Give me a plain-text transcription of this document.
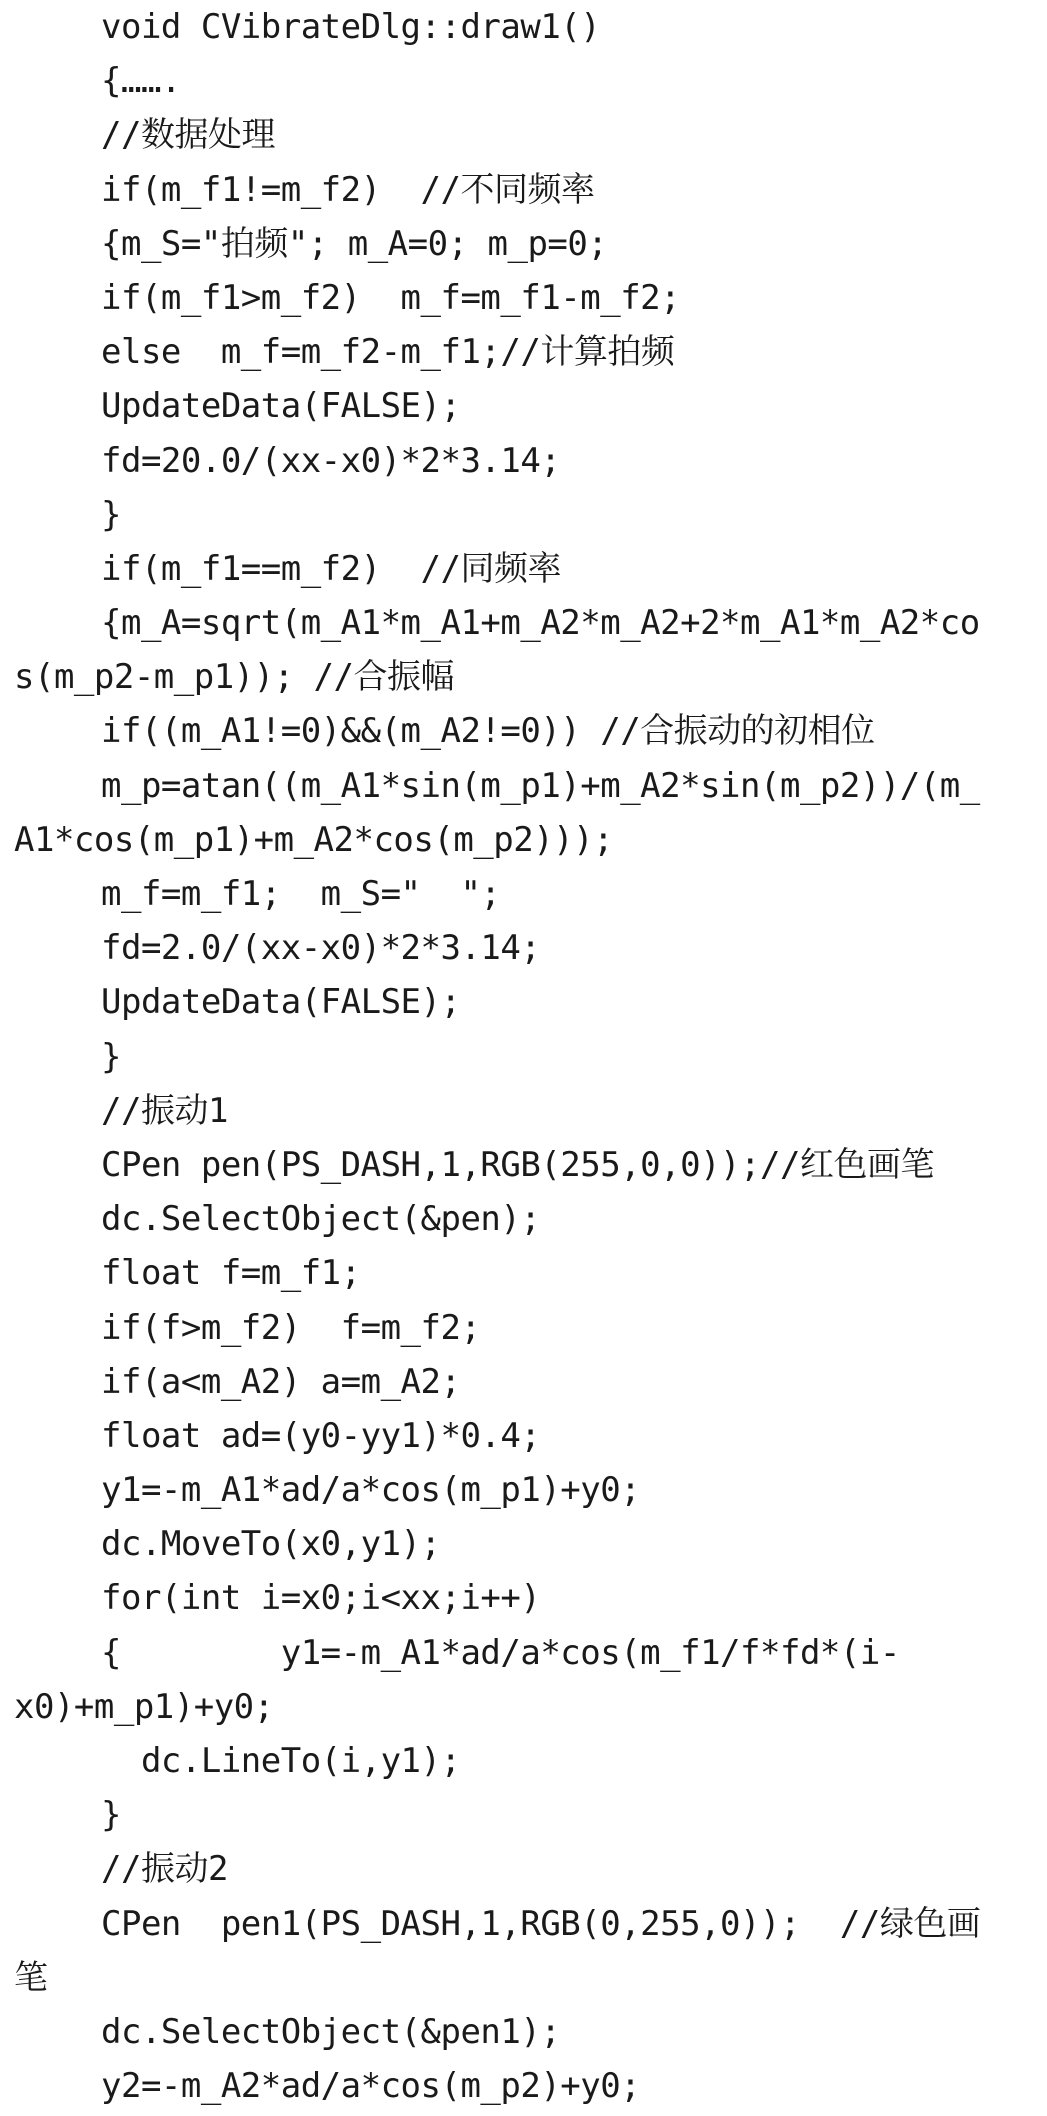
void CVibrateDlg::draw1()
{…….
//数据处理
if(m_f1!=m_f2)  //不同频率
{m_S="拍频"; m_A=0; m_p=0;
if(m_f1>m_f2)  m_f=m_f1-m_f2;
else  m_f=m_f2-m_f1;//计算拍频
UpdateData(FALSE);
fd=20.0/(xx-x0)*2*3.14;
}
if(m_f1==m_f2)  //同频率
{m_A=sqrt(m_A1*m_A1+m_A2*m_A2+2*m_A1*m_A2*co
s(m_p2-m_p1)); //合振幅
if((m_A1!=0)&&(m_A2!=0)) //合振动的初相位
m_p=atan((m_A1*sin(m_p1)+m_A2*sin(m_p2))/(m_
A1*cos(m_p1)+m_A2*cos(m_p2)));
m_f=m_f1;  m_S="  ";
fd=2.0/(xx-x0)*2*3.14;
UpdateData(FALSE);
}
//振动1
CPen pen(PS_DASH,1,RGB(255,0,0));//红色画笔
dc.SelectObject(&pen);
float f=m_f1;
if(f>m_f2)  f=m_f2;
if(a<m_A2) a=m_A2;
float ad=(y0-yy1)*0.4;
y1=-m_A1*ad/a*cos(m_p1)+y0;
dc.MoveTo(x0,y1);
for(int i=x0;i<xx;i++)
{        y1=-m_A1*ad/a*cos(m_f1/f*fd*(i-
x0)+m_p1)+y0;
dc.LineTo(i,y1);
}
//振动2
CPen  pen1(PS_DASH,1,RGB(0,255,0));  //绿色画
笔
dc.SelectObject(&pen1);
y2=-m_A2*ad/a*cos(m_p2)+y0;
